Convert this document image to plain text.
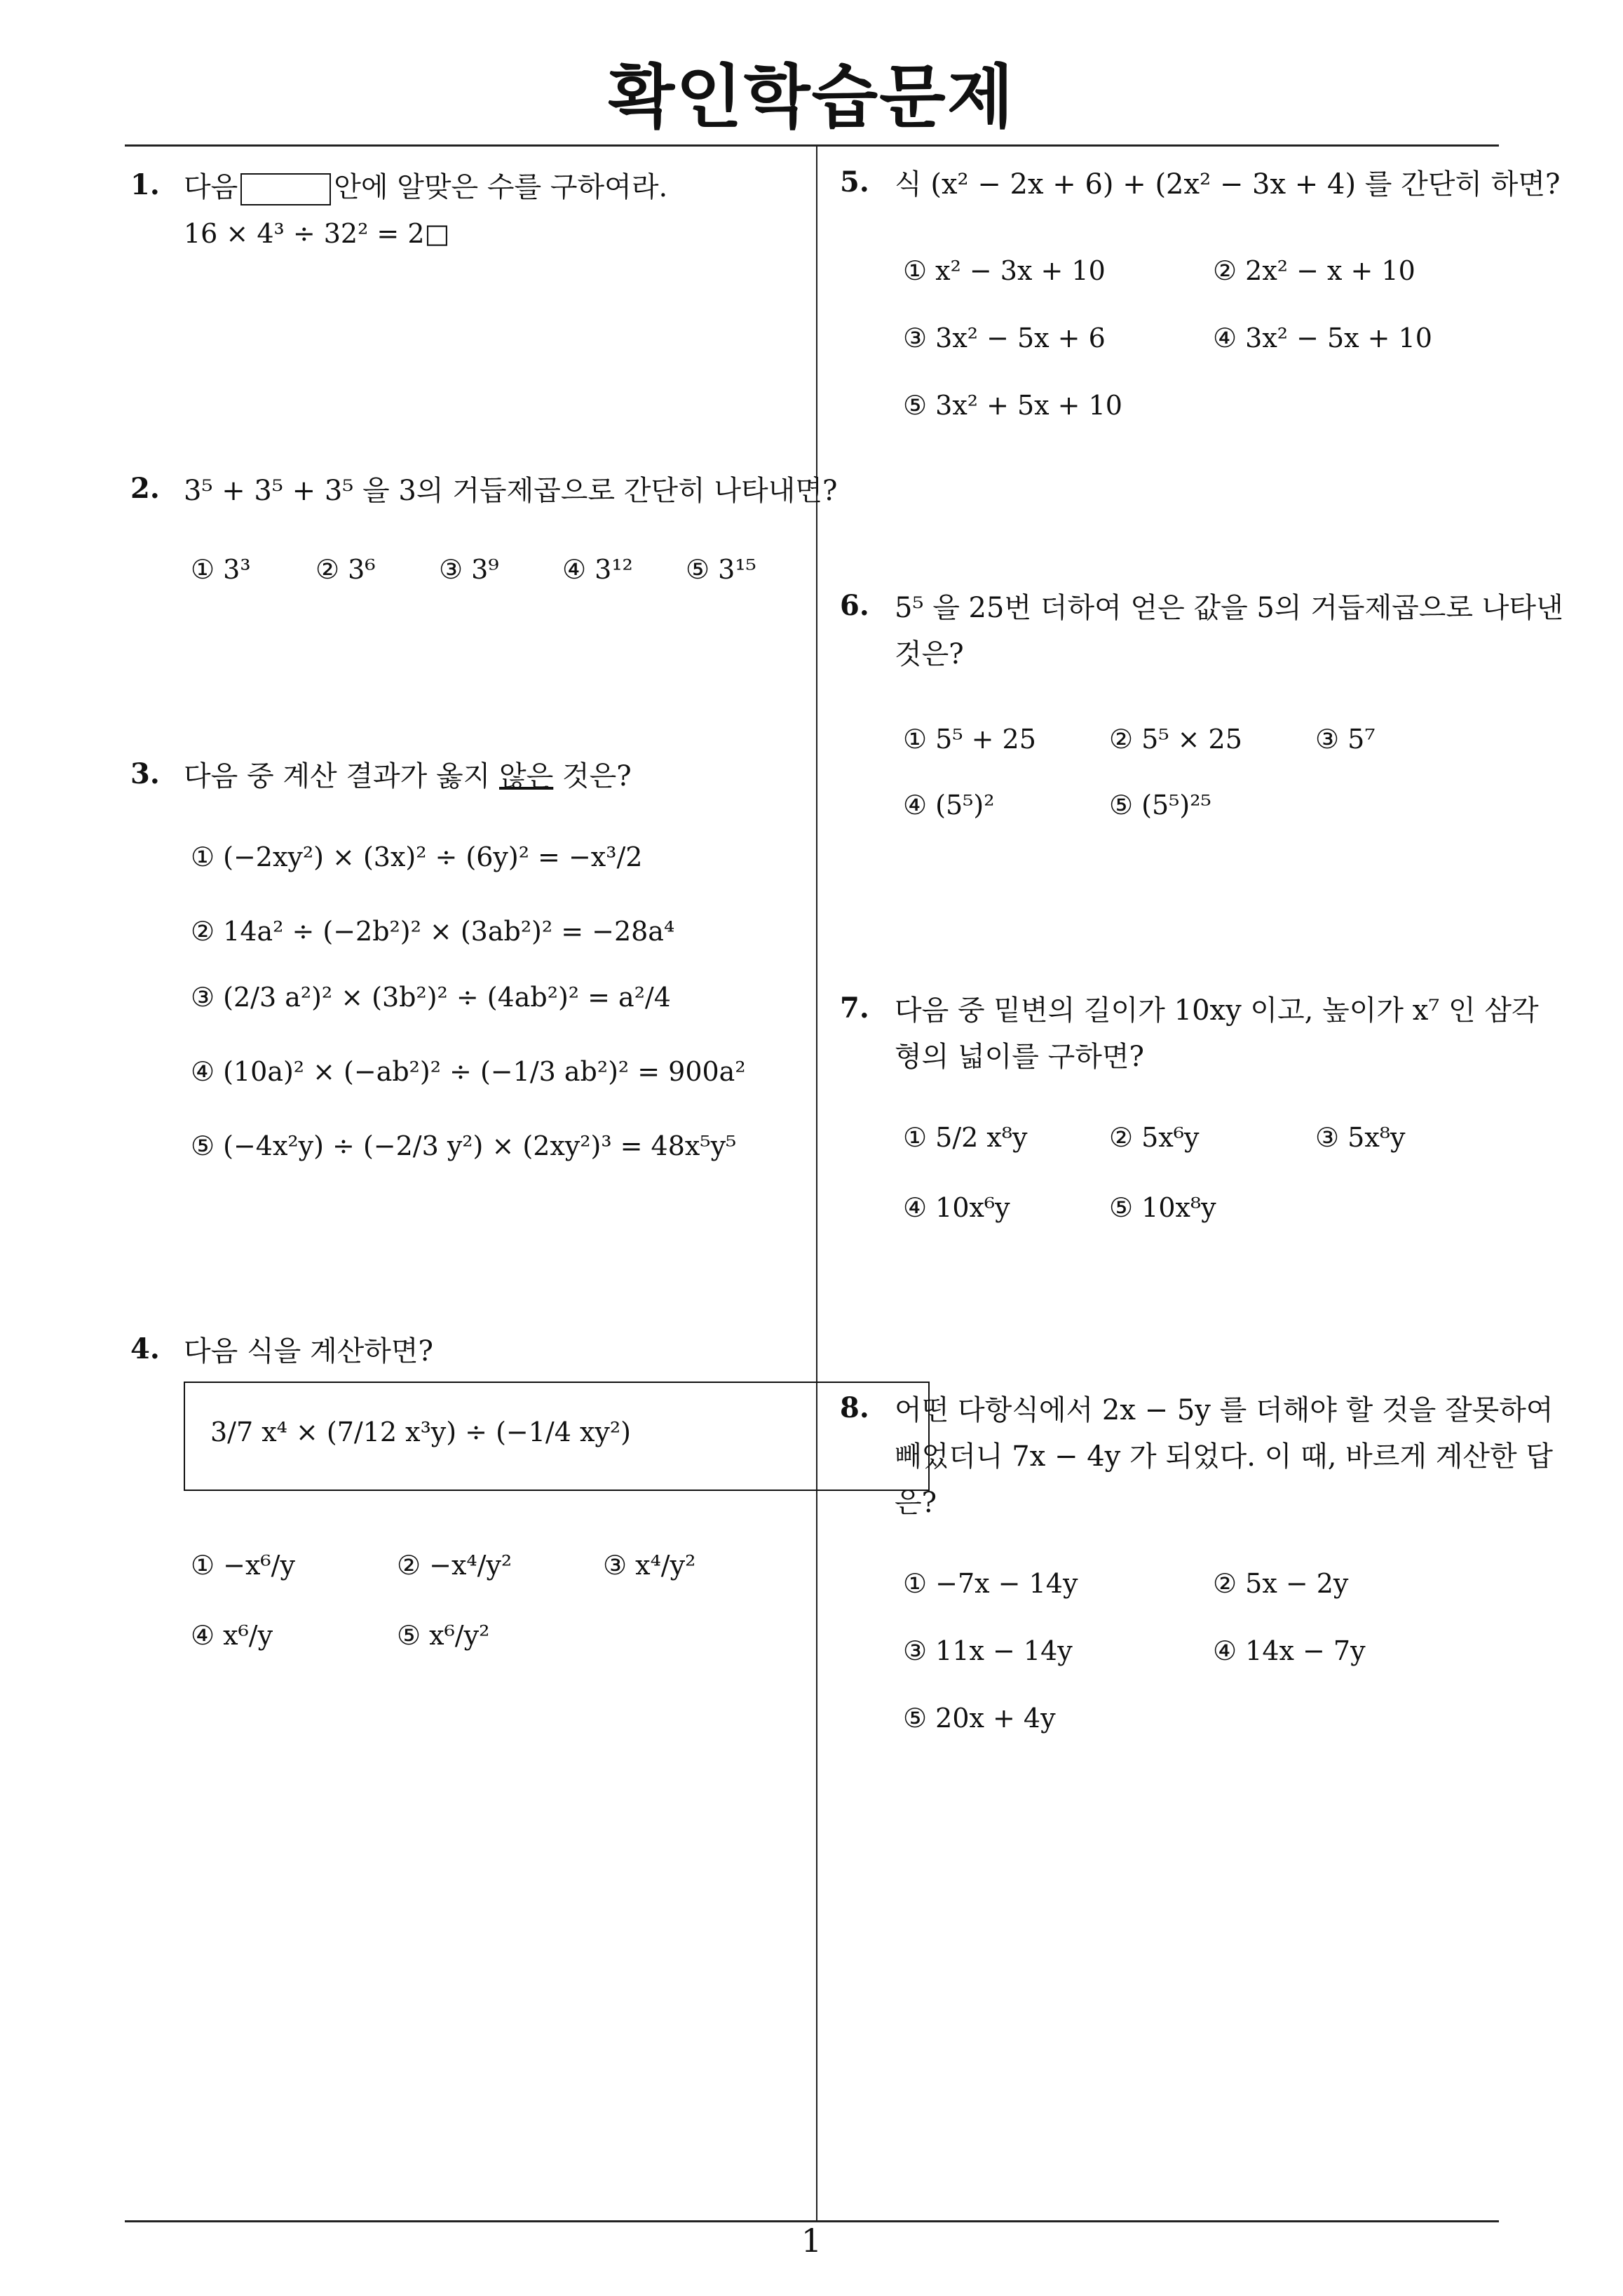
확인학습문제
1
1. 다음	안에 알맞은 수를 구하여라.
16 × 4³ ÷ 32² = 2□
2. 3⁵ + 3⁵ + 3⁵ 을 3의 거듭제곱으로 간단히 나타내면?
① 3³ ② 3⁶ ③ 3⁹ ④ 3¹² ⑤ 3¹⁵
3. 다음 중 계산 결과가 옳지 않은 것은?
① (−2xy²) × (3x)² ÷ (6y)² = −x³/2
② 14a² ÷ (−2b²)² × (3ab²)² = −28a⁴
③ (2/3 a²)² × (3b²)² ÷ (4ab²)² = a²/4
④ (10a)² × (−ab²)² ÷ (−1/3 ab²)² = 900a²
⑤ (−4x²y) ÷ (−2/3 y²) × (2xy²)³ = 48x⁵y⁵
4. 다음 식을 계산하면?
3/7 x⁴ × (7/12 x³y) ÷ (−1/4 xy²)
① −x⁶/y	② −x⁴/y²	③ x⁴/y²
④ x⁶/y	⑤ x⁶/y²
5. 식 (x² − 2x + 6) + (2x² − 3x + 4) 를 간단히 하면?
① x² − 3x + 10	② 2x² − x + 10
③ 3x² − 5x + 6	④ 3x² − 5x + 10
⑤ 3x² + 5x + 10
6. 5⁵ 을 25번 더하여 얻은 값을 5의 거듭제곱으로 나타낸
것은?
① 5⁵ + 25	② 5⁵ × 25	③ 5⁷
④ (5⁵)²	⑤ (5⁵)²⁵
7. 다음 중 밑변의 길이가 10xy 이고, 높이가 x⁷ 인 삼각
형의 넓이를 구하면?
① 5/2 x⁸y	② 5x⁶y	③ 5x⁸y
④ 10x⁶y	⑤ 10x⁸y
8. 어떤 다항식에서 2x − 5y 를 더해야 할 것을 잘못하여
빼었더니 7x − 4y 가 되었다. 이 때, 바르게 계산한 답
은?
① −7x − 14y	② 5x − 2y
③ 11x − 14y	④ 14x − 7y
⑤ 20x + 4y
